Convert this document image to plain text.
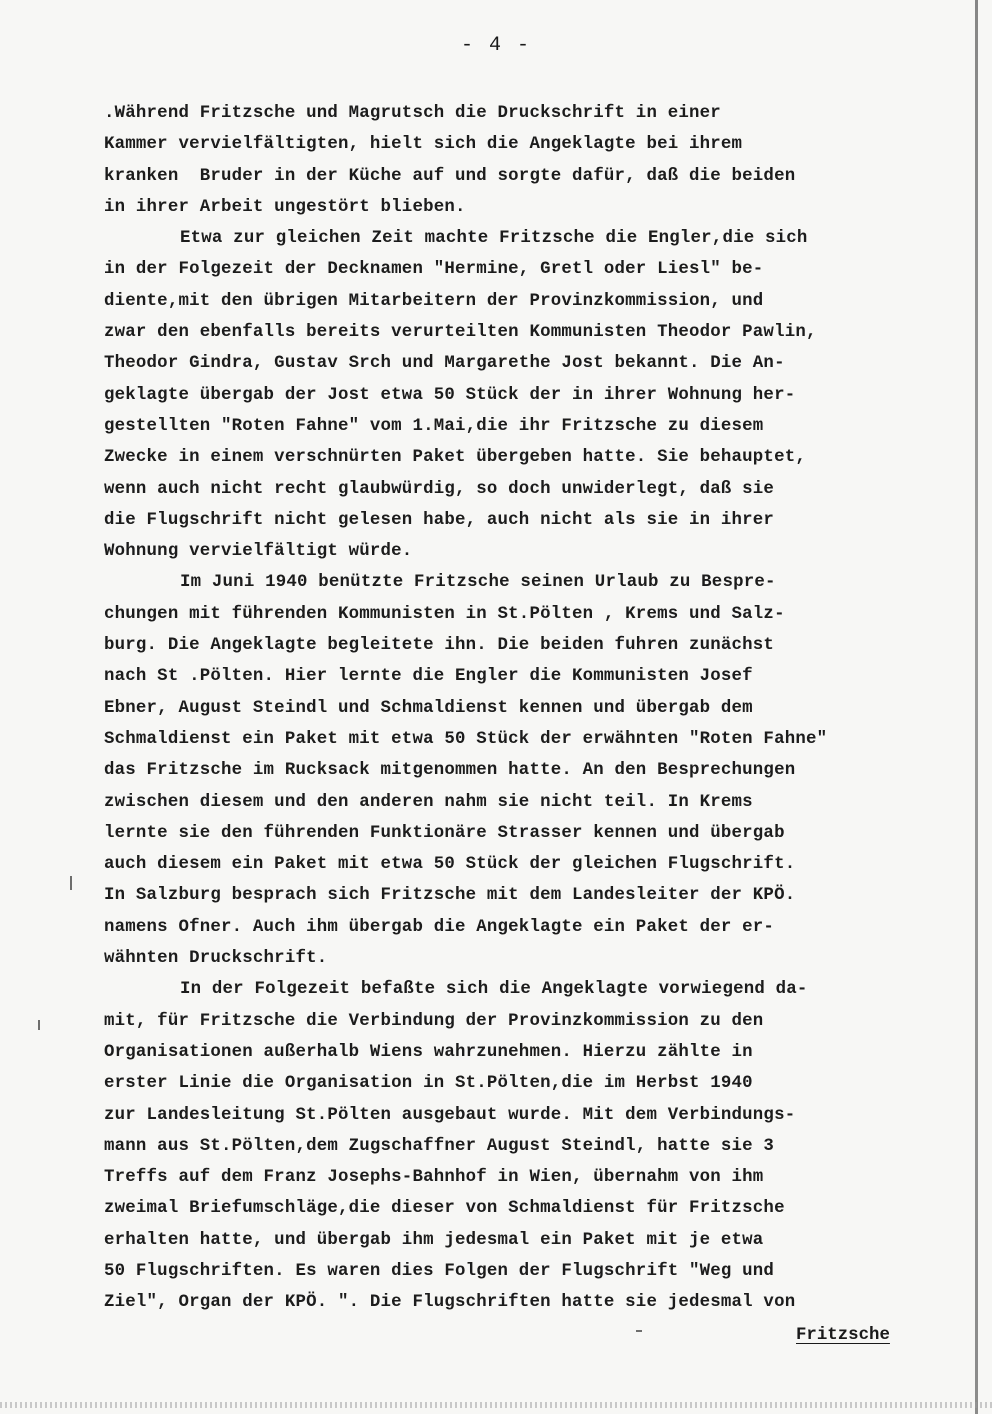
- 4 -
.Während Fritzsche und Magrutsch die Druckschrift in einer
Kammer vervielfältigten, hielt sich die Angeklagte bei ihrem
kranken  Bruder in der Küche auf und sorgte dafür, daß die beiden
in ihrer Arbeit ungestört blieben.
Etwa zur gleichen Zeit machte Fritzsche die Engler,die sich
in der Folgezeit der Decknamen "Hermine, Gretl oder Liesl" be-
diente,mit den übrigen Mitarbeitern der Provinzkommission, und
zwar den ebenfalls bereits verurteilten Kommunisten Theodor Pawlin,
Theodor Gindra, Gustav Srch und Margarethe Jost bekannt. Die An-
geklagte übergab der Jost etwa 50 Stück der in ihrer Wohnung her-
gestellten "Roten Fahne" vom 1.Mai,die ihr Fritzsche zu diesem
Zwecke in einem verschnürten Paket übergeben hatte. Sie behauptet,
wenn auch nicht recht glaubwürdig, so doch unwiderlegt, daß sie
die Flugschrift nicht gelesen habe, auch nicht als sie in ihrer
Wohnung vervielfältigt würde.
Im Juni 1940 benützte Fritzsche seinen Urlaub zu Bespre-
chungen mit führenden Kommunisten in St.Pölten , Krems und Salz-
burg. Die Angeklagte begleitete ihn. Die beiden fuhren zunächst
nach St .Pölten. Hier lernte die Engler die Kommunisten Josef
Ebner, August Steindl und Schmaldienst kennen und übergab dem
Schmaldienst ein Paket mit etwa 50 Stück der erwähnten "Roten Fahne"
das Fritzsche im Rucksack mitgenommen hatte. An den Besprechungen
zwischen diesem und den anderen nahm sie nicht teil. In Krems
lernte sie den führenden Funktionäre Strasser kennen und übergab
auch diesem ein Paket mit etwa 50 Stück der gleichen Flugschrift.
In Salzburg besprach sich Fritzsche mit dem Landesleiter der KPÖ.
namens Ofner. Auch ihm übergab die Angeklagte ein Paket der er-
wähnten Druckschrift.
In der Folgezeit befaßte sich die Angeklagte vorwiegend da-
mit, für Fritzsche die Verbindung der Provinzkommission zu den
Organisationen außerhalb Wiens wahrzunehmen. Hierzu zählte in
erster Linie die Organisation in St.Pölten,die im Herbst 1940
zur Landesleitung St.Pölten ausgebaut wurde. Mit dem Verbindungs-
mann aus St.Pölten,dem Zugschaffner August Steindl, hatte sie 3
Treffs auf dem Franz Josephs-Bahnhof in Wien, übernahm von ihm
zweimal Briefumschläge,die dieser von Schmaldienst für Fritzsche
erhalten hatte, und übergab ihm jedesmal ein Paket mit je etwa
50 Flugschriften. Es waren dies Folgen der Flugschrift "Weg und
Ziel", Organ der KPÖ. ". Die Flugschriften hatte sie jedesmal von
Fritzsche
